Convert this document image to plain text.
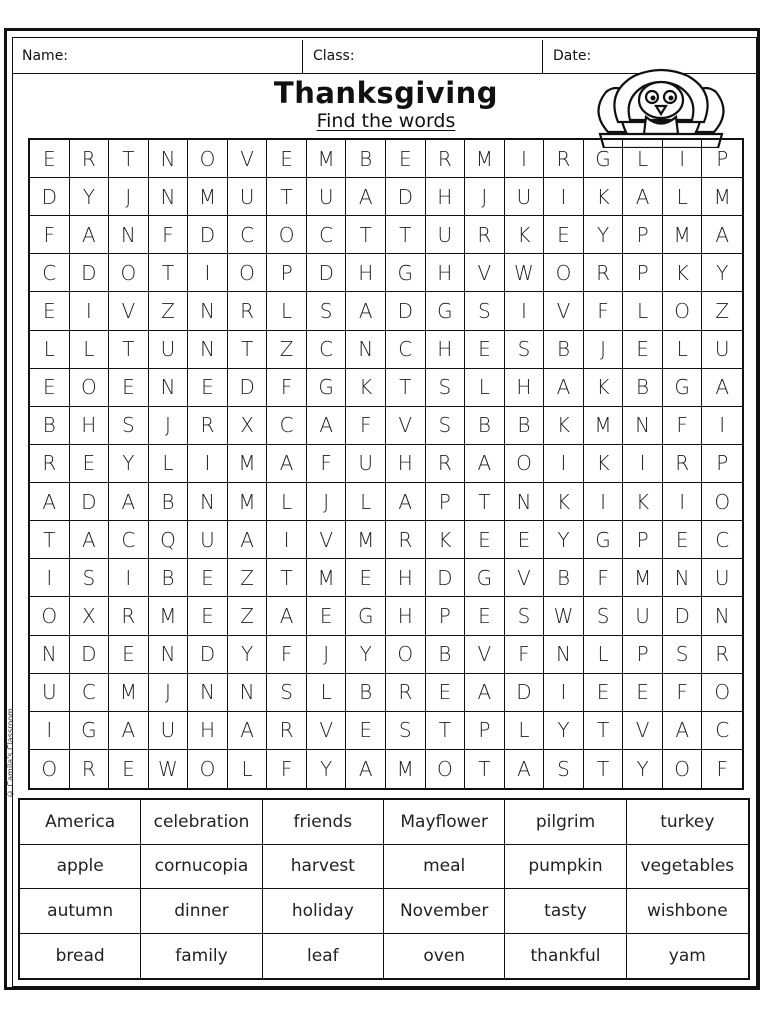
Name:	Class:	Date:
Thanksgiving
Find the words
E	R	T	N	O	V	E	M	B	E	R	M	I	R	G	L	I	P
D	Y	J	N	M	U	T	U	A	D	H	J	U	I	K	A	L	M
F	A	N	F	D	C	O	C	T	T	U	R	K	E	Y	P	M	A
C	D	O	T	I	O	P	D	H	G	H	V	W	O	R	P	K	Y
E	I	V	Z	N	R	L	S	A	D	G	S	I	V	F	L	O	Z
L	L	T	U	N	T	Z	C	N	C	H	E	S	B	J	E	L	U
E	O	E	N	E	D	F	G	K	T	S	L	H	A	K	B	G	A
B	H	S	J	R	X	C	A	F	V	S	B	B	K	M	N	F	I
R	E	Y	L	I	M	A	F	U	H	R	A	O	I	K	I	R	P
A	D	A	B	N	M	L	J	L	A	P	T	N	K	I	K	I	O
T	A	C	Q	U	A	I	V	M	R	K	E	E	Y	G	P	E	C
I	S	I	B	E	Z	T	M	E	H	D	G	V	B	F	M	N	U
O	X	R	M	E	Z	A	E	G	H	P	E	S	W	S	U	D	N
N	D	E	N	D	Y	F	J	Y	O	B	V	F	N	L	P	S	R
U	C	M	J	N	N	S	L	B	R	E	A	D	I	E	E	F	O
I	G	A	U	H	A	R	V	E	S	T	P	L	Y	T	V	A	C
O	R	E	W	O	L	F	Y	A	M	O	T	A	S	T	Y	O	F
© Camila's Classroom
America	celebration	friends	Mayflower	pilgrim	turkey
apple	cornucopia	harvest	meal	pumpkin	vegetables
autumn	dinner	holiday	November	tasty	wishbone
bread	family	leaf	oven	thankful	yam
